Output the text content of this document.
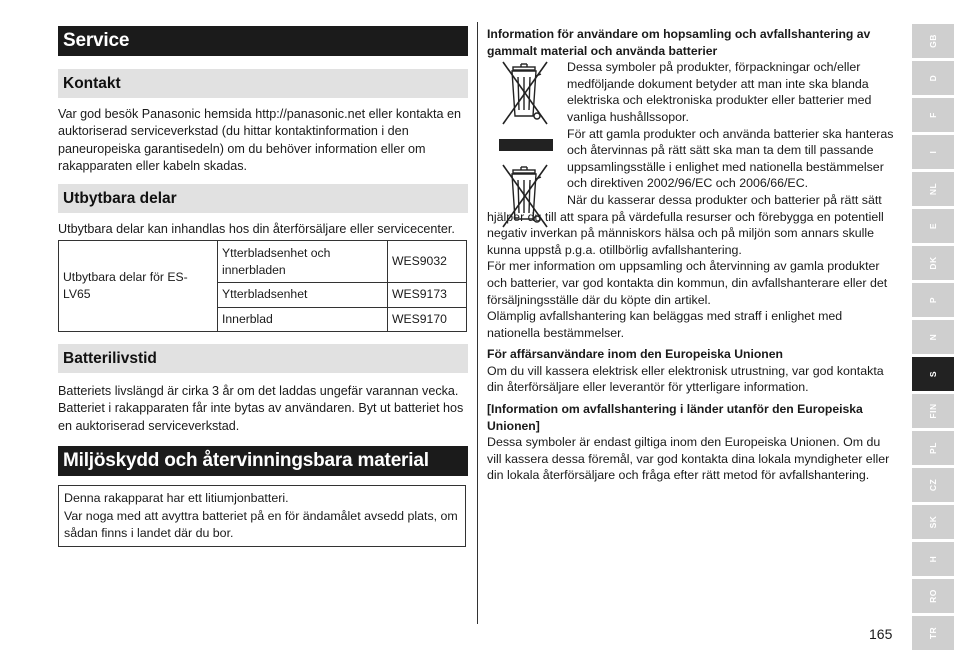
Service
Kontakt

Var god besök Panasonic hemsida http://panasonic.net eller kontakta en auktoriserad serviceverkstad (du hittar kontaktinformation i den paneuropeiska garantisedeln) om du behöver information eller om rakapparaten eller kabeln skadas.

Utbytbara delar

Utbytbara delar kan inhandlas hos din återförsäljare eller servicecenter.

Utbytbara delar för ES-LV65	Ytterbladsenhet och innerbladen	WES9032
	Ytterbladsenhet	WES9173
	Innerblad	WES9170
Batterilivstid

Batteriets livslängd är cirka 3 år om det laddas ungefär varannan vecka. Batteriet i rakapparaten får inte bytas av användaren. Byt ut batteriet hos en auktoriserad serviceverkstad.

Miljöskydd och återvinningsbara material
Denna rakapparat har ett litiumjonbatteri.
Var noga med att avyttra batteriet på en för ändamålet avsedd plats, om sådan finns i landet där du bor.

Information för användare om hopsamling och avfallshantering av gammalt material och använda batterier

Dessa symboler på produkter, förpackningar och/eller medföljande dokument betyder att man inte ska blanda elektriska och elektroniska produkter eller batterier med vanliga hushållssopor.

För att gamla produkter och använda batterier ska hanteras och återvinnas på rätt sätt ska man ta dem till passande uppsamlingsställe i enlighet med nationella bestämmelser och direktiven 2002/96/EC och 2006/66/EC.

När du kasserar dessa produkter och batterier på rätt sätt hjälper du till att spara på värdefulla resurser och förebygga en potentiell negativ inverkan på människors hälsa och på miljön som annars skulle kunna uppstå p.g.a. otillbörlig avfallshantering.

För mer information om uppsamling och återvinning av gamla produkter och batterier, var god kontakta din kommun, din avfallshanterare eller det försäljningsställe där du köpte din artikel.

Olämplig avfallshantering kan beläggas med straff i enlighet med nationella bestämmelser.

För affärsanvändare inom den Europeiska Unionen

Om du vill kassera elektrisk eller elektronisk utrustning, var god kontakta din återförsäljare eller leverantör för ytterligare information.

[Information om avfallshantering i länder utanför den Europeiska Unionen]

Dessa symboler är endast giltiga inom den Europeiska Unionen. Om du vill kassera dessa föremål, var god kontakta dina lokala myndigheter eller din lokala återförsäljare och fråga efter rätt metod för avfallshantering.

GB
D
F
I
NL
E
DK
P
N
S
FIN
PL
CZ
SK
H
RO
TR
165
